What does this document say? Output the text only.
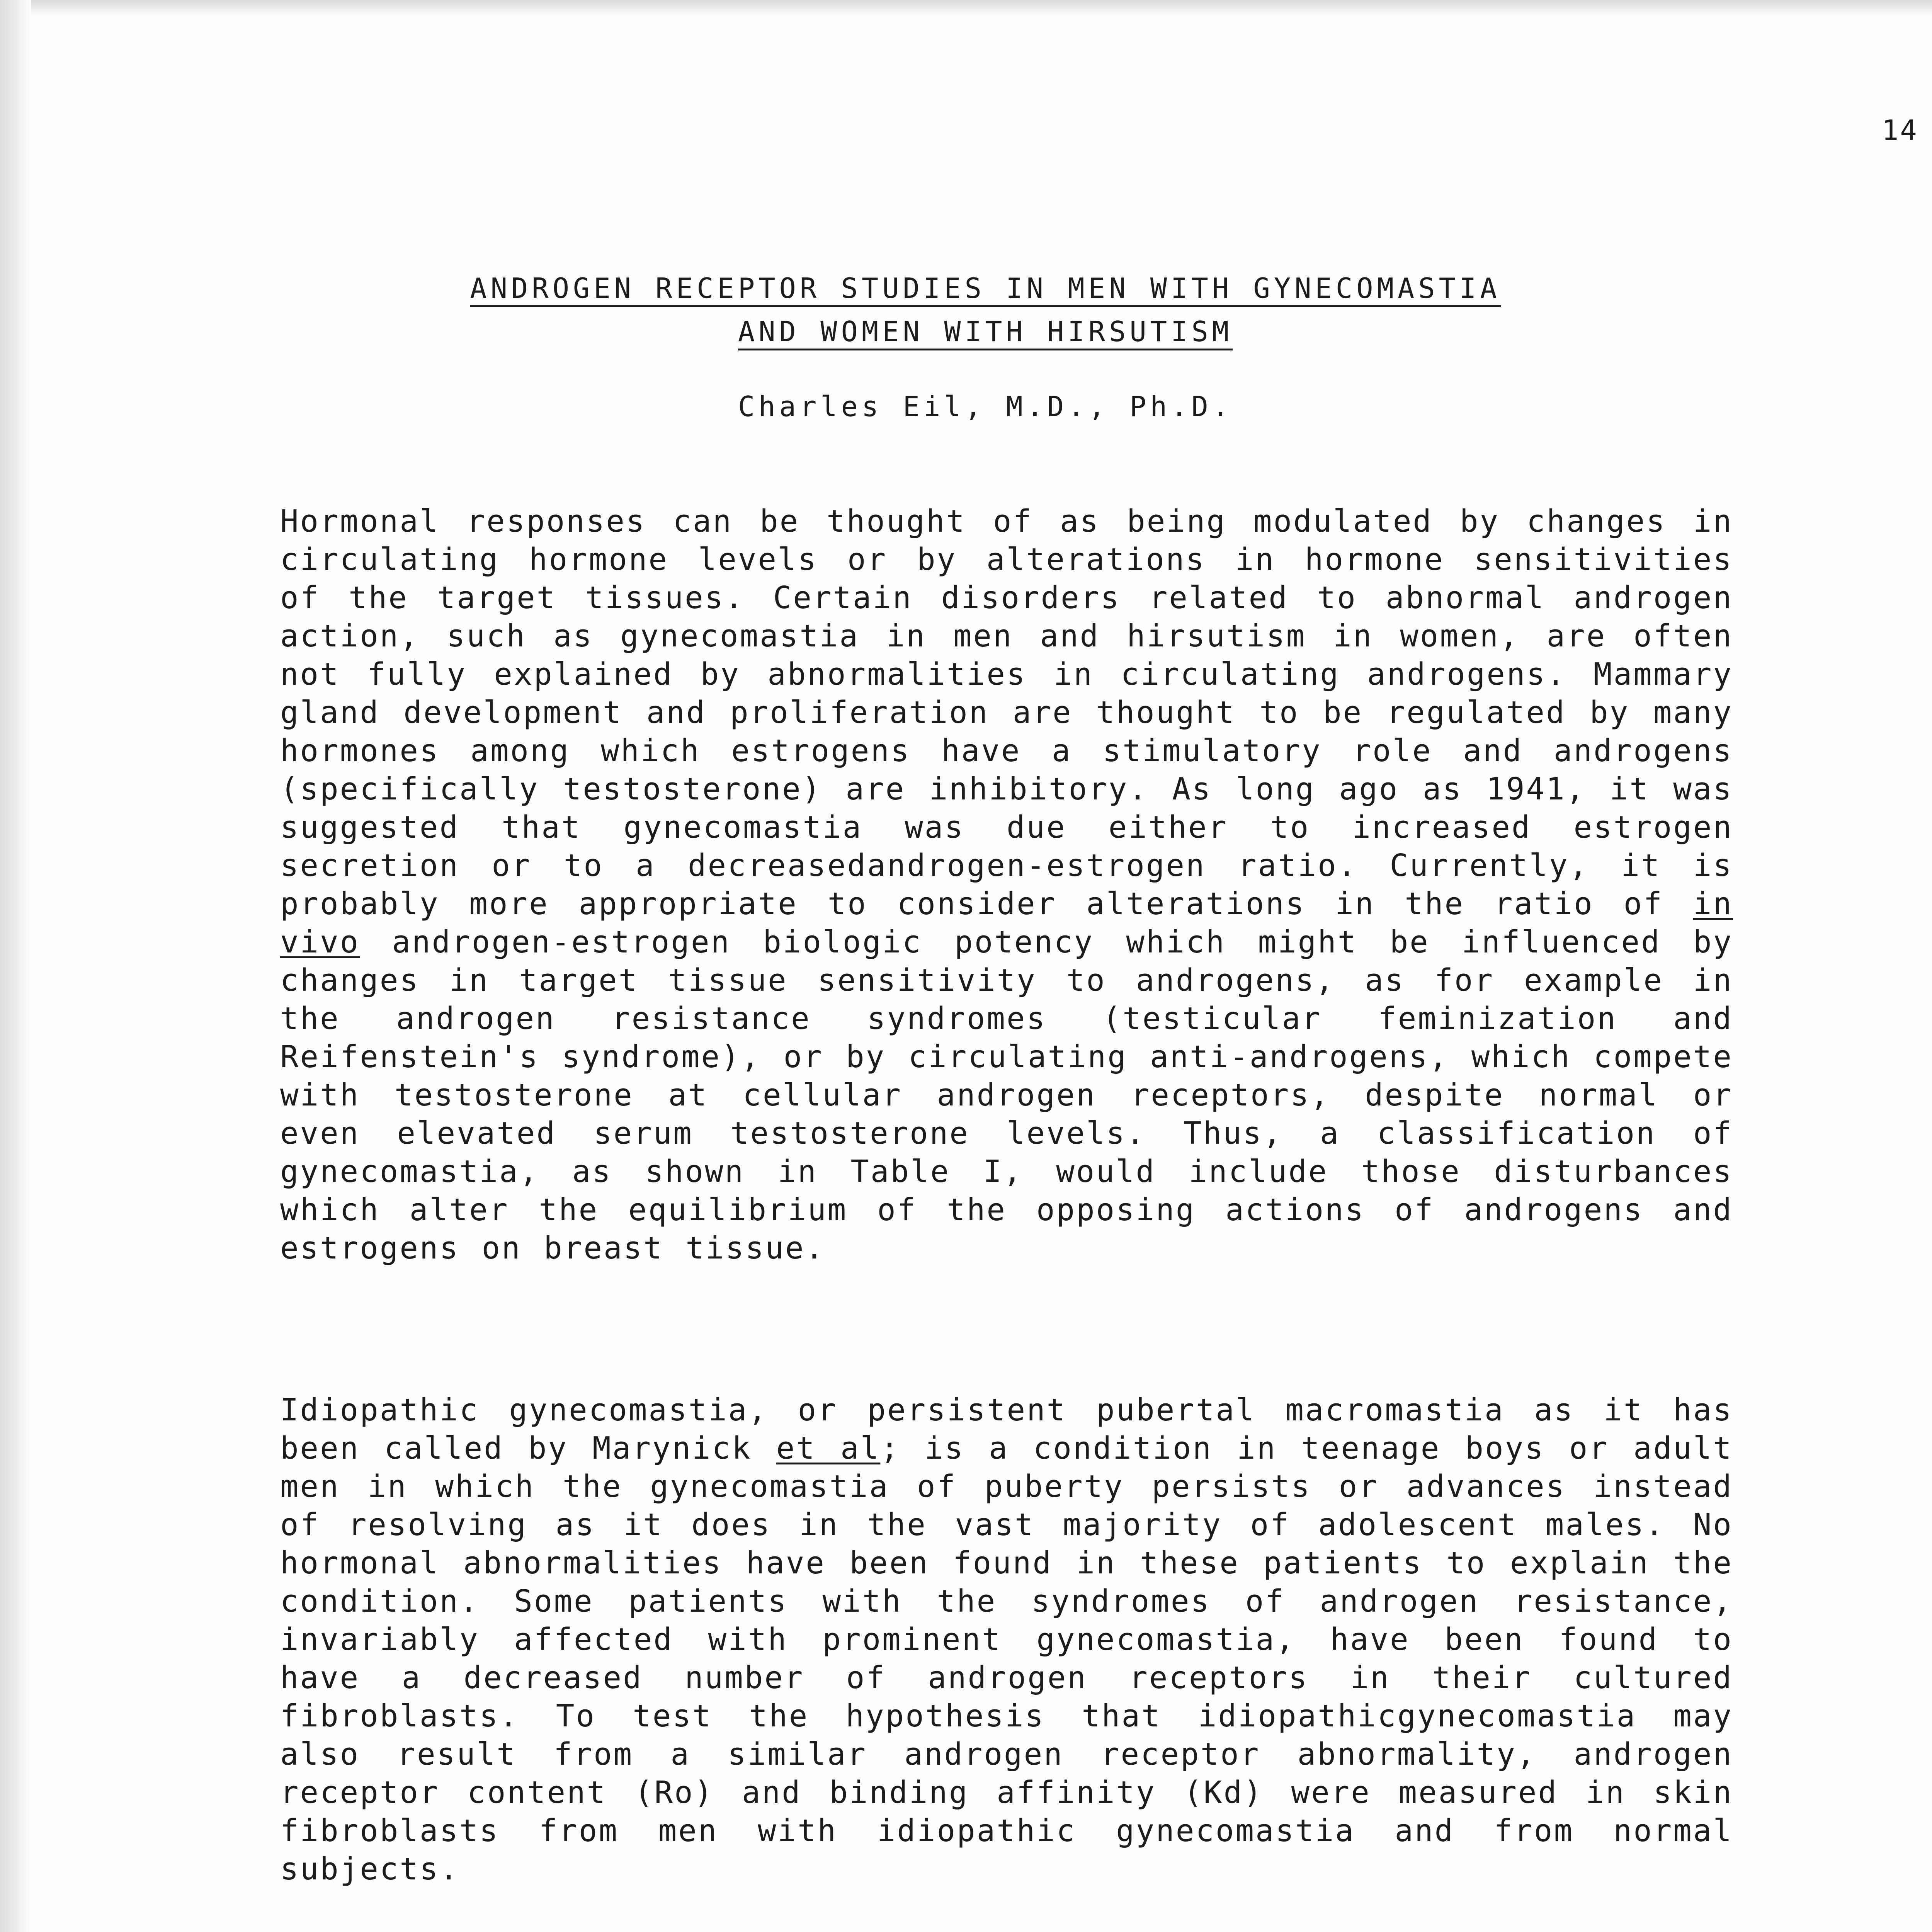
14
ANDROGEN RECEPTOR STUDIES IN MEN WITH GYNECOMASTIA
AND WOMEN WITH HIRSUTISM
Charles Eil, M.D., Ph.D.

Hormonal responses can be thought of as being modulated by changes in circulating hormone levels or by alterations in hormone sensitivities of the target tissues. Certain disorders related to abnormal androgen action, such as gynecomastia in men and hirsutism in women, are often not fully explained by abnormalities in circulating androgens. Mammary gland development and proliferation are thought to be regulated by many hormones among which estrogens have a stimulatory role and androgens (specifically testosterone) are inhibitory. As long ago as 1941, it was suggested that gynecomastia was due either to increased estrogen secretion or to a decreasedandrogen-estrogen ratio. Currently, it is probably more appropriate to consider alterations in the ratio of in vivo androgen-estrogen biologic potency which might be influenced by changes in target tissue sensitivity to androgens, as for example in the androgen resistance syndromes (testicular feminization and Reifenstein's syndrome), or by circulating anti-androgens, which compete with testosterone at cellular androgen receptors, despite normal or even elevated serum testosterone levels. Thus, a classification of gynecomastia, as shown in Table I, would include those disturbances which alter the equilibrium of the opposing actions of androgens and estrogens on breast tissue.

Idiopathic gynecomastia, or persistent pubertal macromastia as it has been called by Marynick et al; is a condition in teenage boys or adult men in which the gynecomastia of puberty persists or advances instead of resolving as it does in the vast majority of adolescent males. No hormonal abnormalities have been found in these patients to explain the condition. Some patients with the syndromes of androgen resistance, invariably affected with prominent gynecomastia, have been found to have a decreased number of androgen receptors in their cultured fibroblasts. To test the hypothesis that idiopathicgynecomastia may also result from a similar androgen receptor abnormality, androgen receptor content (Ro) and binding affinity (Kd) were measured in skin fibroblasts from men with idiopathic gynecomastia and from normal subjects.
